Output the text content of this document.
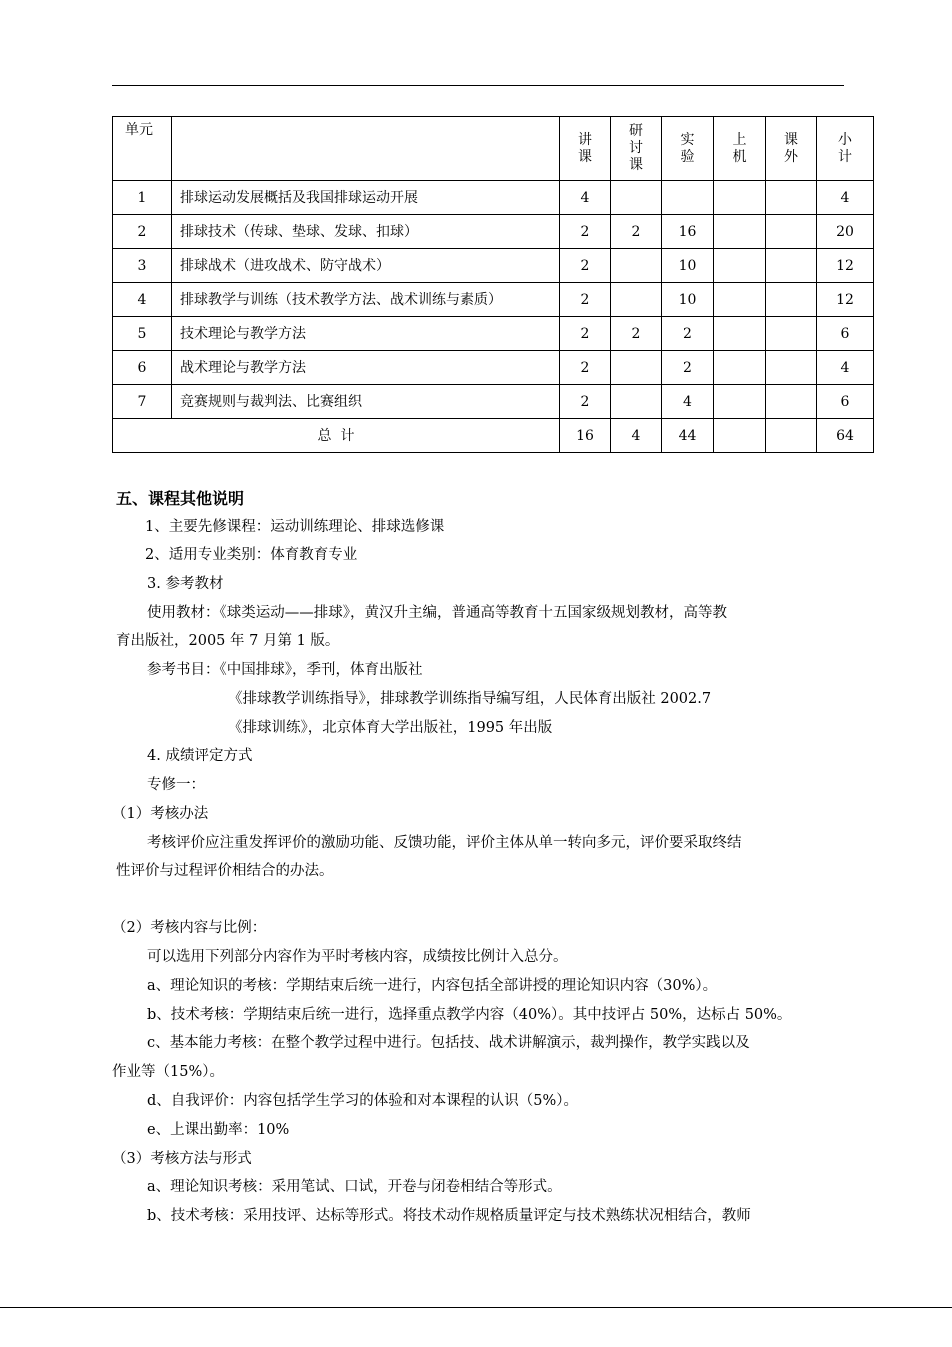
单元		讲课	研讨课	实验	上机	课外	小计
1	排球运动发展概括及我国排球运动开展	4					4
2	排球技术（传球、垫球、发球、扣球）	2	2	16			20
3	排球战术（进攻战术、防守战术）	2		10			12
4	排球教学与训练（技术教学方法、战术训练与素质）	2		10			12
5	技术理论与教学方法	2	2	2			6
6	战术理论与教学方法	2		2			4
7	竞赛规则与裁判法、比赛组织	2		4			6
总  计		16	4	44			64
五、课程其他说明
1、主要先修课程：运动训练理论、排球选修课
2、适用专业类别：体育教育专业
3. 参考教材
使用教材：《球类运动——排球》，黄汉升主编，普通高等教育十五国家级规划教材，高等教
育出版社，2005 年 7 月第 1 版。
参考书目：《中国排球》，季刊，体育出版社
《排球教学训练指导》，排球教学训练指导编写组，人民体育出版社 2002.7
《排球训练》，北京体育大学出版社，1995 年出版
4. 成绩评定方式
专修一：
（1）考核办法
考核评价应注重发挥评价的激励功能、反馈功能，评价主体从单一转向多元，评价要采取终结
性评价与过程评价相结合的办法。
（2）考核内容与比例：
可以选用下列部分内容作为平时考核内容，成绩按比例计入总分。
a、理论知识的考核：学期结束后统一进行，内容包括全部讲授的理论知识内容（30%）。
b、技术考核：学期结束后统一进行，选择重点教学内容（40%）。其中技评占 50%，达标占 50%。
c、基本能力考核：在整个教学过程中进行。包括技、战术讲解演示，裁判操作，教学实践以及
作业等（15%）。
d、自我评价：内容包括学生学习的体验和对本课程的认识（5%）。
e、上课出勤率：10%
（3）考核方法与形式
a、理论知识考核：采用笔试、口试，开卷与闭卷相结合等形式。
b、技术考核：采用技评、达标等形式。将技术动作规格质量评定与技术熟练状况相结合，教师
